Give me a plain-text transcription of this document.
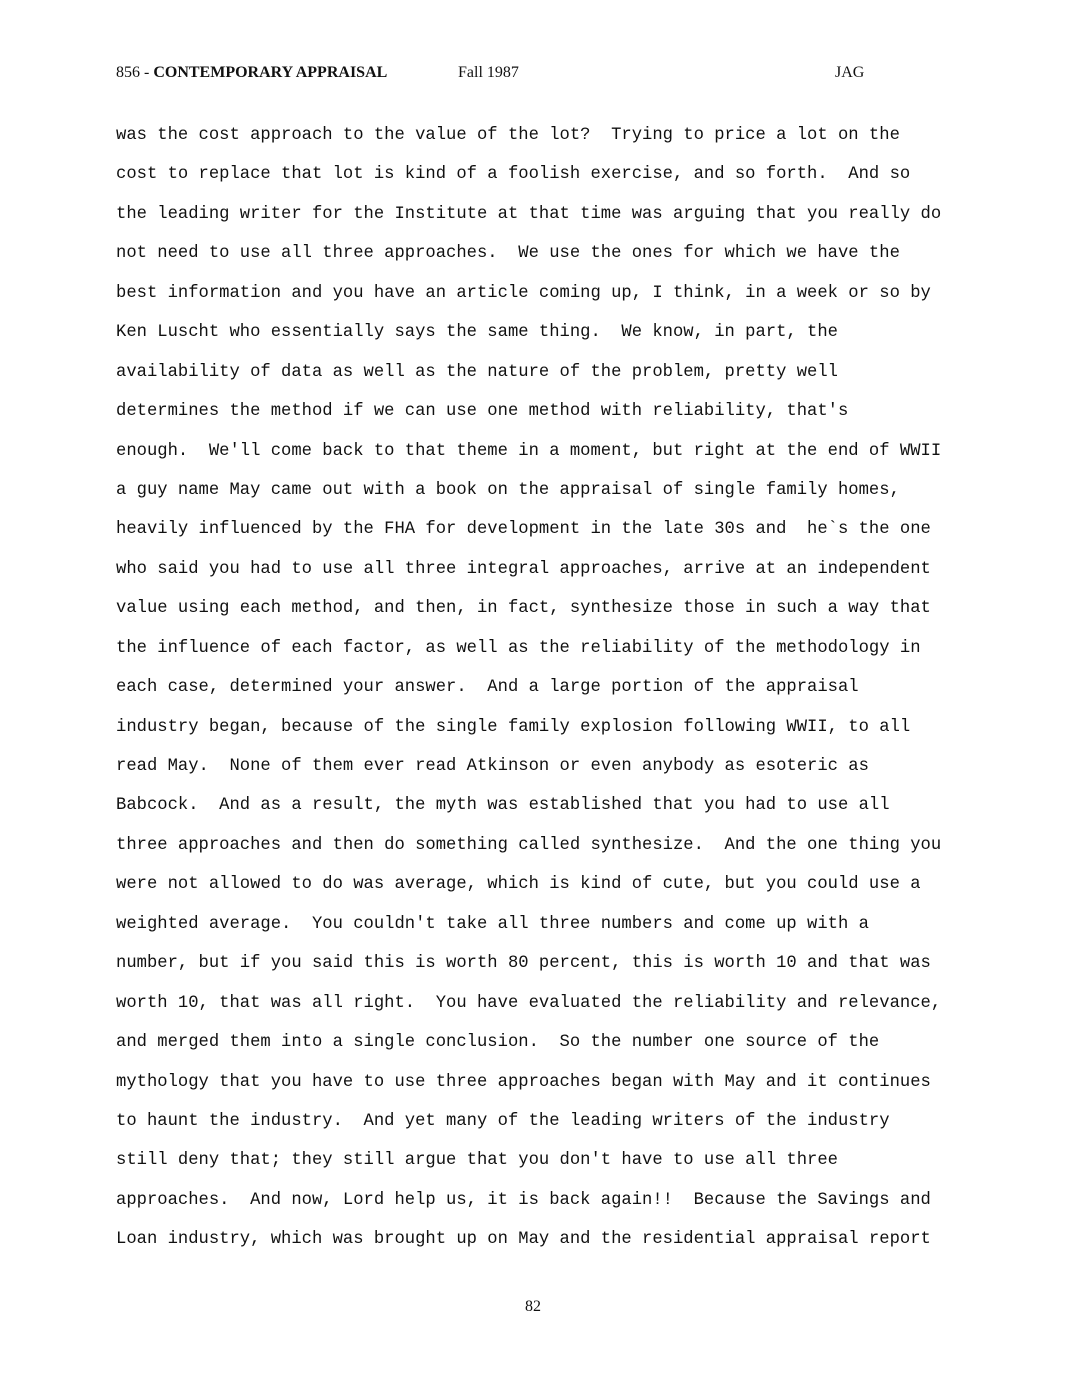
856 - CONTEMPORARY APPRAISAL	Fall 1987	JAG
was the cost approach to the value of the lot?  Trying to price a lot on the
cost to replace that lot is kind of a foolish exercise, and so forth.  And so
the leading writer for the Institute at that time was arguing that you really do
not need to use all three approaches.  We use the ones for which we have the
best information and you have an article coming up, I think, in a week or so by
Ken Luscht who essentially says the same thing.  We know, in part, the
availability of data as well as the nature of the problem, pretty well
determines the method if we can use one method with reliability, that's
enough.  We'll come back to that theme in a moment, but right at the end of WWII
a guy name May came out with a book on the appraisal of single family homes,
heavily influenced by the FHA for development in the late 30s and  he`s the one
who said you had to use all three integral approaches, arrive at an independent
value using each method, and then, in fact, synthesize those in such a way that
the influence of each factor, as well as the reliability of the methodology in
each case, determined your answer.  And a large portion of the appraisal
industry began, because of the single family explosion following WWII, to all
read May.  None of them ever read Atkinson or even anybody as esoteric as
Babcock.  And as a result, the myth was established that you had to use all
three approaches and then do something called synthesize.  And the one thing you
were not allowed to do was average, which is kind of cute, but you could use a
weighted average.  You couldn't take all three numbers and come up with a
number, but if you said this is worth 80 percent, this is worth 10 and that was
worth 10, that was all right.  You have evaluated the reliability and relevance,
and merged them into a single conclusion.  So the number one source of the
mythology that you have to use three approaches began with May and it continues
to haunt the industry.  And yet many of the leading writers of the industry
still deny that; they still argue that you don't have to use all three
approaches.  And now, Lord help us, it is back again!!  Because the Savings and
Loan industry, which was brought up on May and the residential appraisal report
82
